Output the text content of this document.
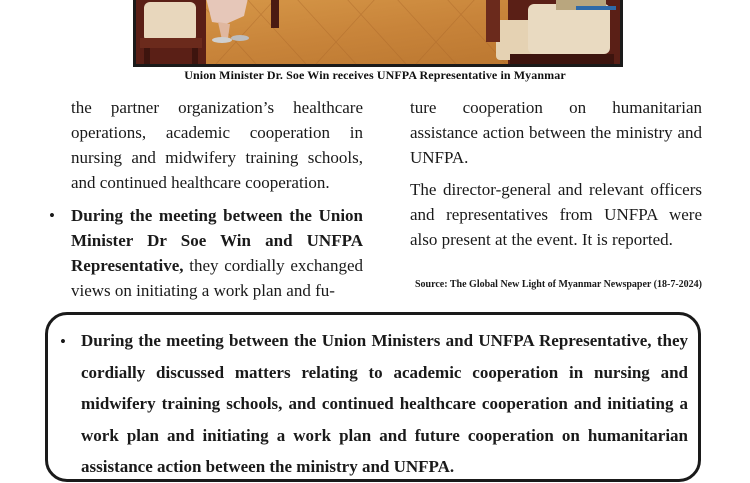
Union Minister Dr. Soe Win receives UNFPA Representative in Myanmar

the partner organization’s healthcare operations, academic cooperation in nursing and midwifery training schools, and continued healthcare cooperation.

• During the meeting between the Union Minister Dr Soe Win and UNFPA Representative, they cordially exchanged views on initiating a work plan and fu-

ture cooperation on humanitarian assistance action between the ministry and UNFPA.

The director-general and relevant officers and representatives from UNFPA were also present at the event. It is reported.

Source: The Global New Light of Myanmar Newspaper (18-7-2024)
• During the meeting between the Union Ministers and UNFPA Representative, they cordially discussed matters relating to academic cooperation in nursing and midwifery training schools, and continued healthcare cooperation and initiating a work plan and initiating a work plan and future cooperation on humanitarian assistance action between the ministry and UNFPA.
